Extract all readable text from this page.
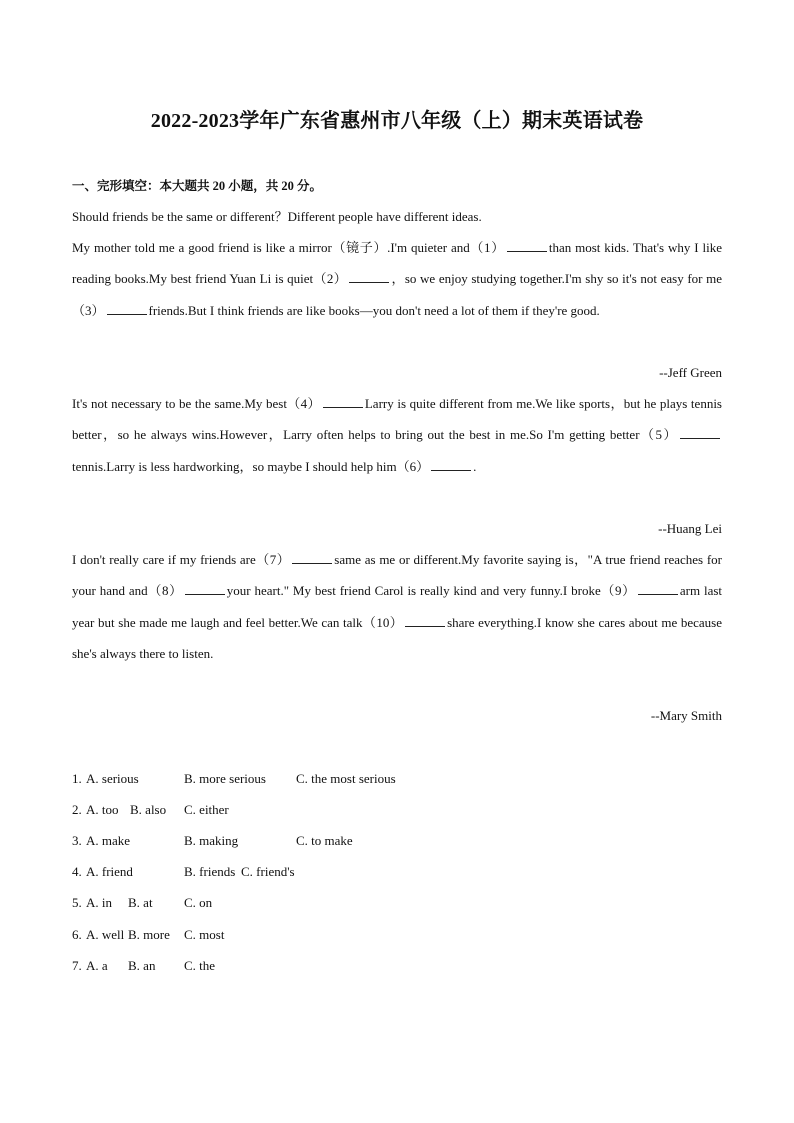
2022-2023学年广东省惠州市八年级（上）期末英语试卷
一、完形填空：本大题共 20 小题，共 20 分。

Should friends be the same or different？Different people have different ideas.

My mother told me a good friend is like a mirror（镜子）.I'm quieter and（1）	than most kids. That's why I like reading books.My best friend Yuan Li is quiet（2）	，so we enjoy studying together.I'm shy so it's not easy for me（3）	friends.But I think friends are like books—you don't need a lot of them if they're good.

--Jeff Green

It's not necessary to be the same.My best（4）	Larry is quite different from me.We like sports，but he plays tennis better，so he always wins.However，Larry often helps to bring out the best in me.So I'm getting better（5）tennis.Larry is less hardworking，so maybe I should help him（6）	.

--Huang Lei

I don't really care if my friends are（7）	same as me or different.My favorite saying is，"A true friend reaches for your hand and（8）	your heart." My best friend Carol is really kind and very funny.I broke（9）	arm last year but she made me laugh and feel better.We can talk（10）	share everything.I know she cares about me because she's always there to listen.

--Mary Smith
1. A. serious	B. more serious	C. the most serious
2. A. too B. also	C. either
3. A. make	B. making	C. to make
4. A. friend	B. friends C. friend's
5. A. in	B. at	C. on
6. A. well B. more	C. most
7. A. a	B. an	C. the
